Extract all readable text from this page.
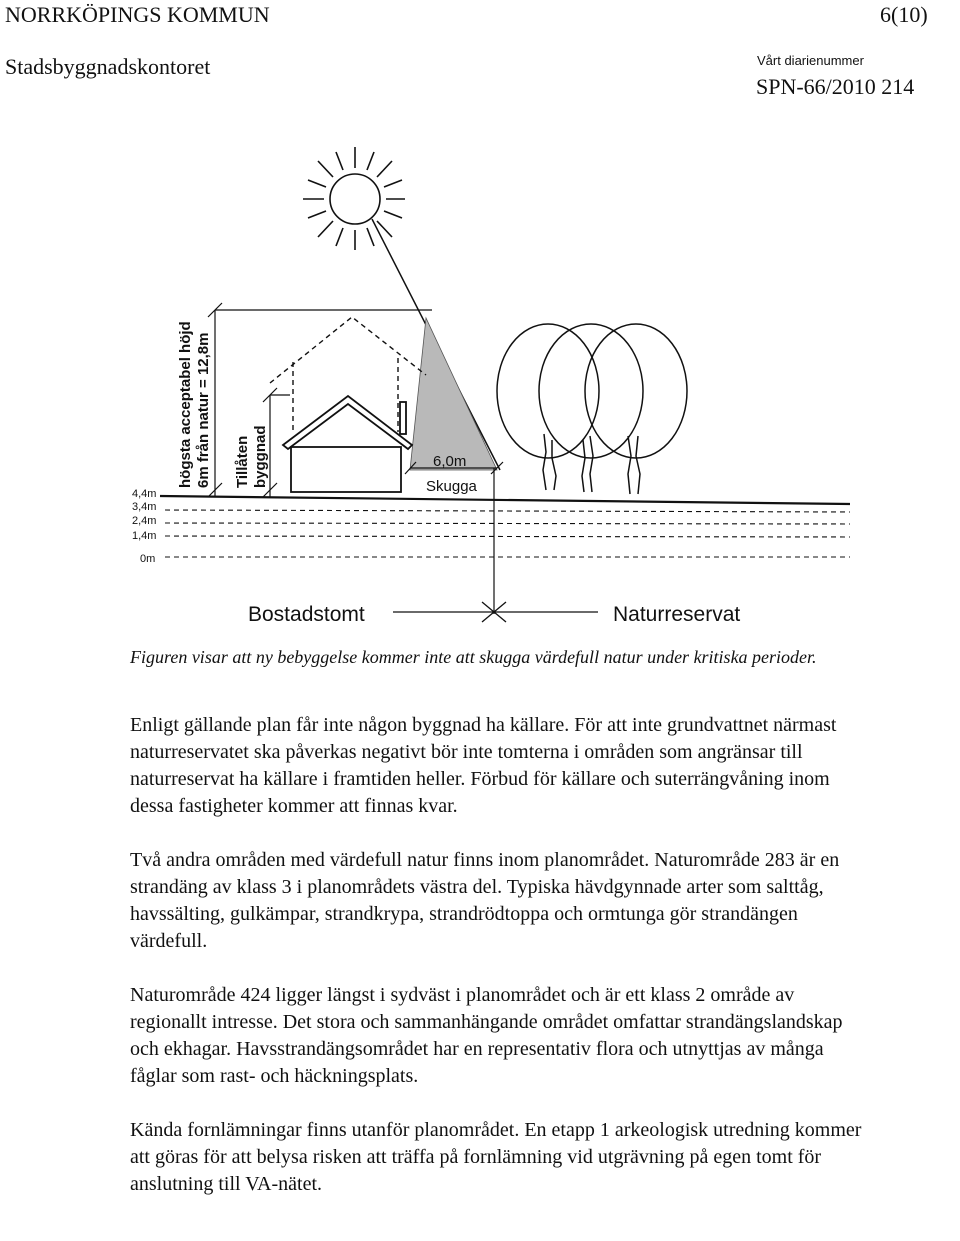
NORRKÖPINGS KOMMUN	6(10)
Stadsbyggnadskontoret	Vårt diarienummer
SPN-66/2010 214
högsta acceptabel höjd 6m från natur = 12,8m Tillåten byggnad	6,0m
Skugga
4,4m
3,4m
2,4m
1,4m
0m
Bostadstomt	Naturreservat
Figuren visar att ny bebyggelse kommer inte att skugga värdefull natur under kritiska perioder.

Enligt gällande plan får inte någon byggnad ha källare. För att inte grundvattnet närmast naturreservatet ska påverkas negativt bör inte tomterna i områden som angränsar till naturreservat ha källare i framtiden heller. Förbud för källare och suterrängvåning inom dessa fastigheter kommer att finnas kvar.

Två andra områden med värdefull natur finns inom planområdet. Naturområde 283 är en strandäng av klass 3 i planområdets västra del. Typiska hävdgynnade arter som salttåg, havssälting, gulkämpar, strandkrypa, strandrödtoppa och ormtunga gör strandängen värdefull.

Naturområde 424 ligger längst i sydväst i planområdet och är ett klass 2 område av regionallt intresse. Det stora och sammanhängande området omfattar strandängslandskap och ekhagar. Havsstrandängsområdet har en representativ flora och utnyttjas av många fåglar som rast- och häckningsplats.

Kända fornlämningar finns utanför planområdet. En etapp 1 arkeologisk utredning kommer att göras för att belysa risken att träffa på fornlämning vid utgrävning på egen tomt för anslutning till VA-nätet.
